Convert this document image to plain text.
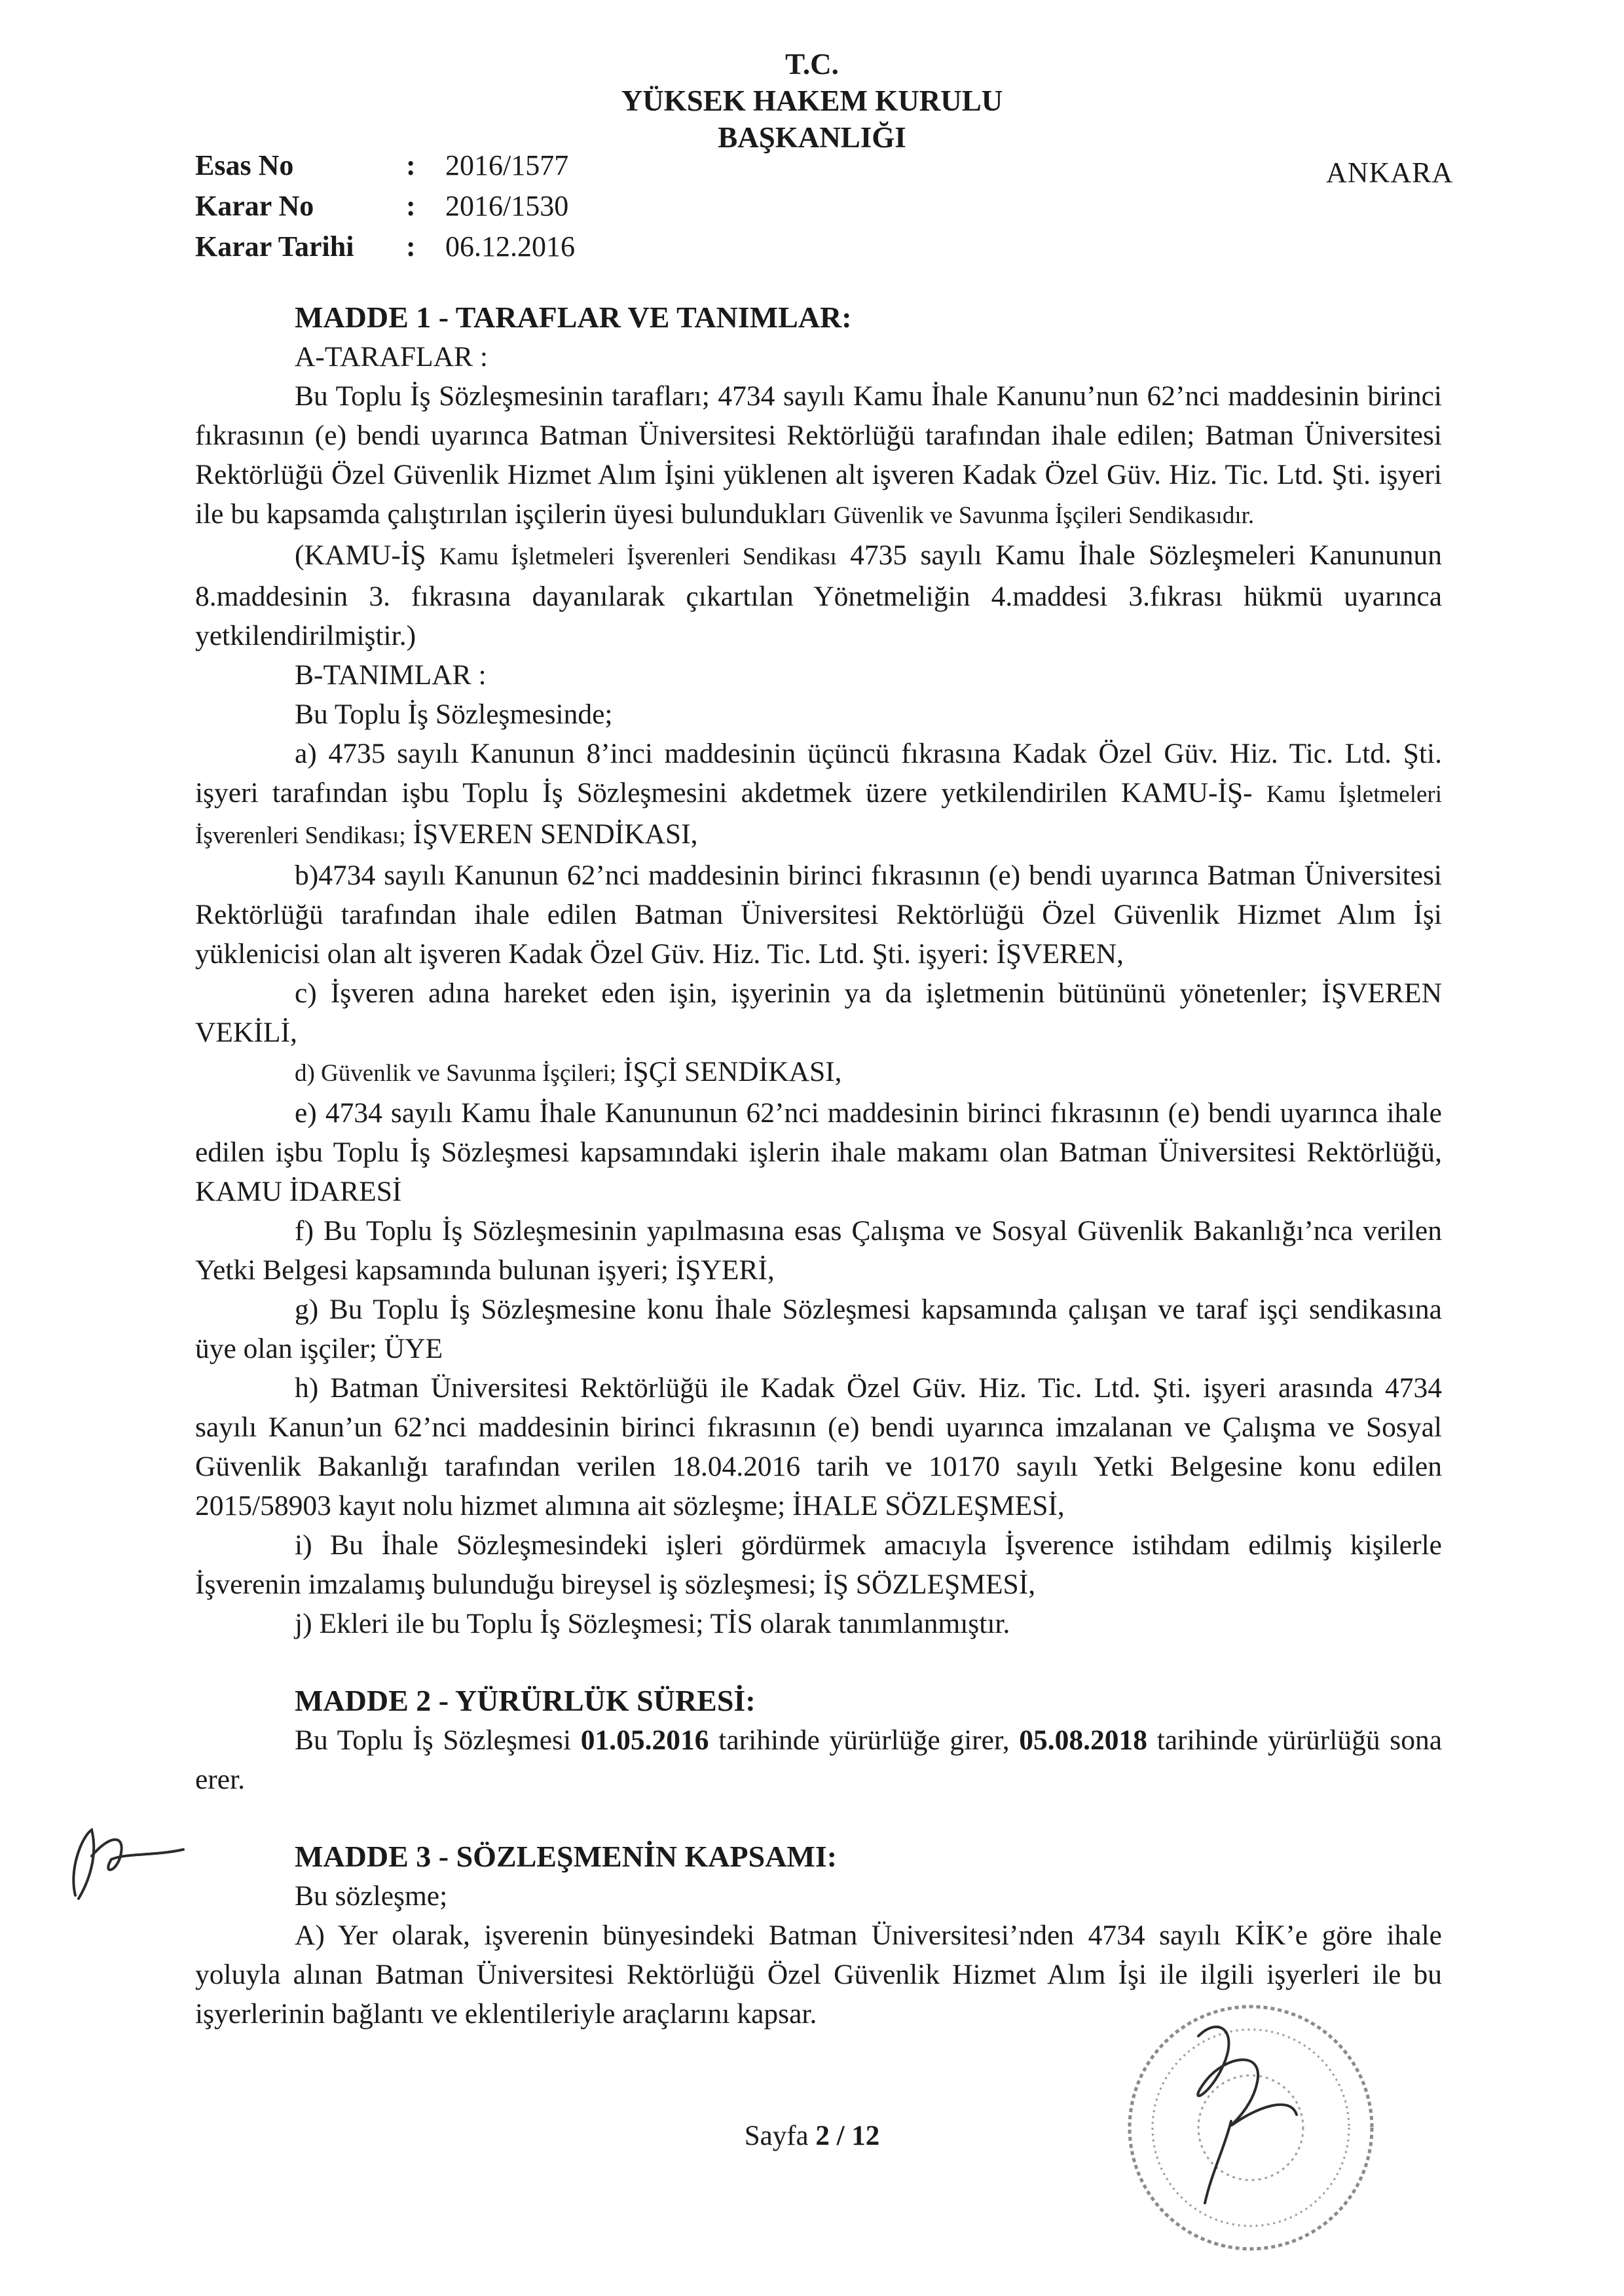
T.C.
YÜKSEK HAKEM KURULU
BAŞKANLIĞI
ANKARA
Esas No	:	2016/1577
Karar No	:	2016/1530
Karar Tarihi	:	06.12.2016

MADDE 1 - TARAFLAR VE TANIMLAR:

A-TARAFLAR :

Bu Toplu İş Sözleşmesinin tarafları; 4734 sayılı Kamu İhale Kanunu’nun 62’nci maddesinin birinci fıkrasının (e) bendi uyarınca Batman Üniversitesi Rektörlüğü tarafından ihale edilen; Batman Üniversitesi Rektörlüğü Özel Güvenlik Hizmet Alım İşini yüklenen alt işveren Kadak Özel Güv. Hiz. Tic. Ltd. Şti. işyeri ile bu kapsamda çalıştırılan işçilerin üyesi bulundukları Güvenlik ve Savunma İşçileri Sendikasıdır.

(KAMU-İŞ Kamu İşletmeleri İşverenleri Sendikası 4735 sayılı Kamu İhale Sözleşmeleri Kanununun 8.maddesinin 3. fıkrasına dayanılarak çıkartılan Yönetmeliğin 4.maddesi 3.fıkrası hükmü uyarınca yetkilendirilmiştir.)

B-TANIMLAR :

Bu Toplu İş Sözleşmesinde;

a) 4735 sayılı Kanunun 8’inci maddesinin üçüncü fıkrasına Kadak Özel Güv. Hiz. Tic. Ltd. Şti. işyeri tarafından işbu Toplu İş Sözleşmesini akdetmek üzere yetkilendirilen KAMU-İŞ- Kamu İşletmeleri İşverenleri Sendikası; İŞVEREN SENDİKASI,

b)4734 sayılı Kanunun 62’nci maddesinin birinci fıkrasının (e) bendi uyarınca Batman Üniversitesi Rektörlüğü tarafından ihale edilen Batman Üniversitesi Rektörlüğü Özel Güvenlik Hizmet Alım İşi yüklenicisi olan alt işveren Kadak Özel Güv. Hiz. Tic. Ltd. Şti. işyeri: İŞVEREN,

c) İşveren adına hareket eden işin, işyerinin ya da işletmenin bütününü yönetenler; İŞVEREN VEKİLİ,

d) Güvenlik ve Savunma İşçileri; İŞÇİ SENDİKASI,

e) 4734 sayılı Kamu İhale Kanununun 62’nci maddesinin birinci fıkrasının (e) bendi uyarınca ihale edilen işbu Toplu İş Sözleşmesi kapsamındaki işlerin ihale makamı olan Batman Üniversitesi Rektörlüğü, KAMU İDARESİ

f) Bu Toplu İş Sözleşmesinin yapılmasına esas Çalışma ve Sosyal Güvenlik Bakanlığı’nca verilen Yetki Belgesi kapsamında bulunan işyeri; İŞYERİ,

g) Bu Toplu İş Sözleşmesine konu İhale Sözleşmesi kapsamında çalışan ve taraf işçi sendikasına üye olan işçiler; ÜYE

h) Batman Üniversitesi Rektörlüğü ile Kadak Özel Güv. Hiz. Tic. Ltd. Şti. işyeri arasında 4734 sayılı Kanun’un 62’nci maddesinin birinci fıkrasının (e) bendi uyarınca imzalanan ve Çalışma ve Sosyal Güvenlik Bakanlığı tarafından verilen 18.04.2016 tarih ve 10170 sayılı Yetki Belgesine konu edilen 2015/58903 kayıt nolu hizmet alımına ait sözleşme; İHALE SÖZLEŞMESİ,

i) Bu İhale Sözleşmesindeki işleri gördürmek amacıyla İşverence istihdam edilmiş kişilerle İşverenin imzalamış bulunduğu bireysel iş sözleşmesi; İŞ SÖZLEŞMESİ,

j) Ekleri ile bu Toplu İş Sözleşmesi; TİS olarak tanımlanmıştır.

MADDE 2 - YÜRÜRLÜK SÜRESİ:

Bu Toplu İş Sözleşmesi 01.05.2016 tarihinde yürürlüğe girer, 05.08.2018 tarihinde yürürlüğü sona erer.

MADDE 3 - SÖZLEŞMENİN KAPSAMI:

Bu sözleşme;

A) Yer olarak, işverenin bünyesindeki Batman Üniversitesi’nden 4734 sayılı KİK’e göre ihale yoluyla alınan Batman Üniversitesi Rektörlüğü Özel Güvenlik Hizmet Alım İşi ile ilgili işyerleri ile bu işyerlerinin bağlantı ve eklentileriyle araçlarını kapsar.

Sayfa 2 / 12
